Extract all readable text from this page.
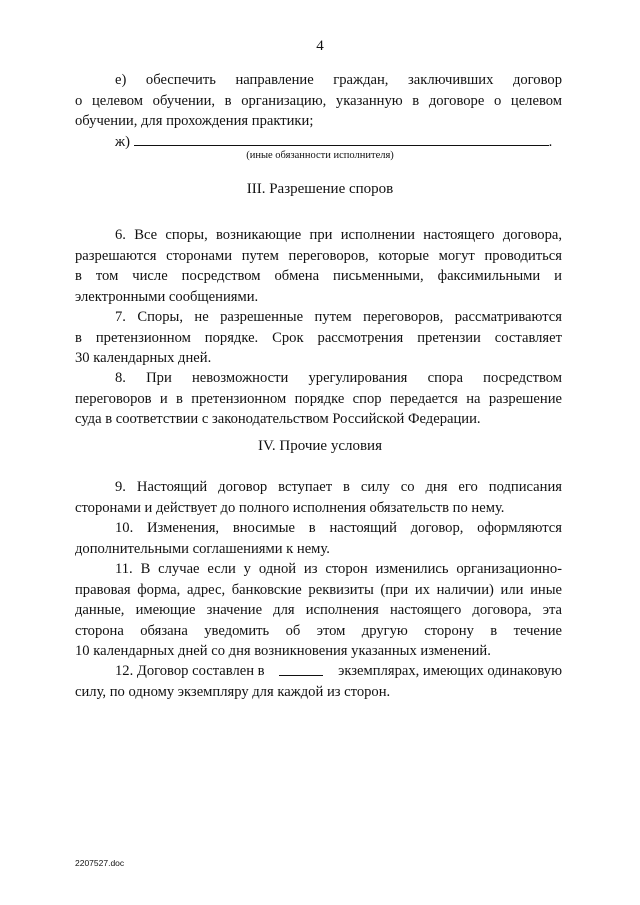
4
е) обеспечить направление граждан, заключивших договор
о целевом обучении, в организацию, указанную в договоре о целевом
обучении, для прохождения практики;
ж)	.
(иные обязанности исполнителя)
III. Разрешение споров
6. Все споры, возникающие при исполнении настоящего договора,
разрешаются сторонами путем переговоров, которые могут проводиться
в том числе посредством обмена письменными, факсимильными и
электронными сообщениями.
7. Споры, не разрешенные путем переговоров, рассматриваются
в претензионном порядке. Срок рассмотрения претензии составляет
30 календарных дней.
8. При невозможности урегулирования спора посредством
переговоров и в претензионном порядке спор передается на разрешение
суда в соответствии с законодательством Российской Федерации.
IV. Прочие условия
9. Настоящий договор вступает в силу со дня его подписания
сторонами и действует до полного исполнения обязательств по нему.
10. Изменения, вносимые в настоящий договор, оформляются
дополнительными соглашениями к нему.
11. В случае если у одной из сторон изменились организационно-
правовая форма, адрес, банковские реквизиты (при их наличии) или иные
данные, имеющие значение для исполнения настоящего договора, эта
сторона обязана уведомить об этом другую сторону в течение
10 календарных дней со дня возникновения указанных изменений.
12. Договор составлен в	экземплярах, имеющих одинаковую
силу, по одному экземпляру для каждой из сторон.
2207527.doc
